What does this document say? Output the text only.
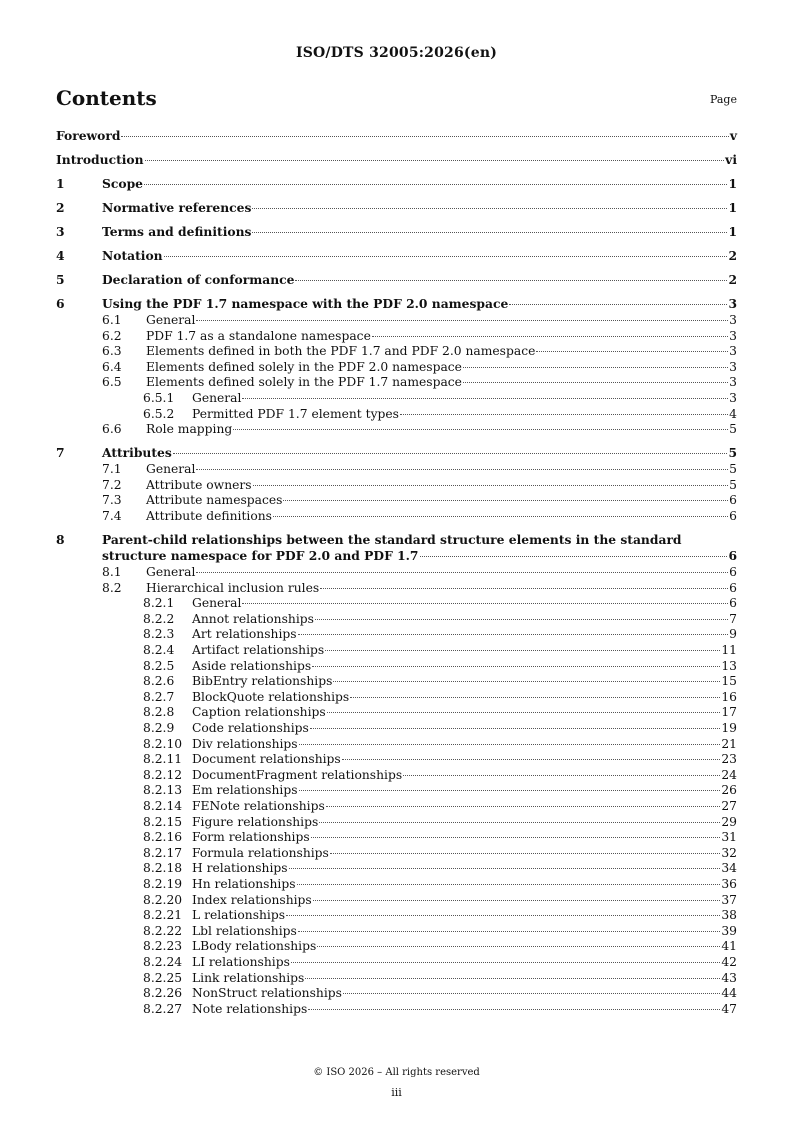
ISO/DTS 32005:2026(en)
Contents	Page
Foreword	v
Introduction	vi
1	Scope	1
2	Normative references	1
3	Terms and definitions	1
4	Notation	2
5	Declaration of conformance	2
6	Using the PDF 1.7 namespace with the PDF 2.0 namespace	3
6.1 General	3
6.2 PDF 1.7 as a standalone namespace	3
6.3 Elements defined in both the PDF 1.7 and PDF 2.0 namespace	3
6.4 Elements defined solely in the PDF 2.0 namespace	3
6.5 Elements defined solely in the PDF 1.7 namespace	3
6.5.1 General	3
6.5.2 Permitted PDF 1.7 element types	4
6.6 Role mapping	5
7	Attributes	5
7.1 General	5
7.2 Attribute owners	5
7.3 Attribute namespaces	6
7.4 Attribute definitions	6
8	Parent-child relationships between the standard structure elements in the standard
structure namespace for PDF 2.0 and PDF 1.7	6
8.1 General	6
8.2 Hierarchical inclusion rules	6
8.2.1 General	6
8.2.2 Annot relationships	7
8.2.3 Art relationships	9
8.2.4 Artifact relationships	11
8.2.5 Aside relationships	13
8.2.6 BibEntry relationships	15
8.2.7 BlockQuote relationships	16
8.2.8 Caption relationships	17
8.2.9 Code relationships	19
8.2.10 Div relationships	21
8.2.11 Document relationships	23
8.2.12 DocumentFragment relationships	24
8.2.13 Em relationships	26
8.2.14 FENote relationships	27
8.2.15 Figure relationships	29
8.2.16 Form relationships	31
8.2.17 Formula relationships	32
8.2.18 H relationships	34
8.2.19 Hn relationships	36
8.2.20 Index relationships	37
8.2.21 L relationships	38
8.2.22 Lbl relationships	39
8.2.23 LBody relationships	41
8.2.24 LI relationships	42
8.2.25 Link relationships	43
8.2.26 NonStruct relationships	44
8.2.27 Note relationships	47
© ISO 2026 – All rights reserved
iii
